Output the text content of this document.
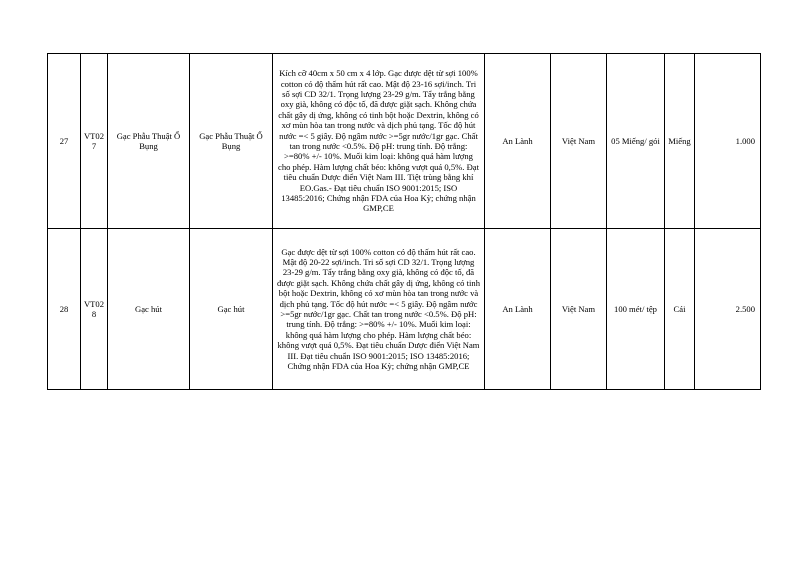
27	VT027	Gạc Phẫu Thuật Ổ Bụng	Gạc Phẫu Thuật Ổ Bụng	Kích cỡ 40cm x 50 cm x 4 lớp. Gạc được dệt từ sợi 100% cotton có độ thấm hút rất cao. Mật độ 23-16 sợi/inch. Tri số sợi CD 32/1. Trọng lượng 23-29 g/m. Tẩy trắng bằng oxy già, không có độc tố, đã được giặt sạch. Không chứa chất gây dị ứng, không có tinh bột hoặc Dextrin, không có xơ mùn hòa tan trong nước và dịch phủ tạng. Tốc độ hút nước =< 5 giây. Độ ngâm nước >=5gr nước/1gr gạc. Chất tan trong nước <0.5%. Độ pH: trung tính. Độ trắng: >=80% +/- 10%. Muối kim loại: không quá hàm lượng cho phép. Hàm lượng chất béo: không vượt quá 0,5%. Đạt tiêu chuẩn Dược điển Việt Nam III. Tiệt trùng bằng khí EO.Gas.- Đạt tiêu chuẩn ISO 9001:2015; ISO 13485:2016; Chứng nhận FDA của Hoa Kỳ; chứng nhận GMP,CE	An Lành	Việt Nam	05 Miếng/ gói	Miếng	1.000
28	VT028	Gạc hút	Gạc hút	Gạc được dệt từ sợi 100% cotton có độ thấm hút rất cao. Mật độ 20-22 sợi/inch. Tri số sợi CD 32/1. Trọng lượng 23-29 g/m. Tẩy trắng bằng oxy già, không có độc tố, đã được giặt sạch. Không chứa chất gây dị ứng, không có tinh bột hoặc Dextrin, không có xơ mùn hòa tan trong nước và dịch phủ tạng. Tốc độ hút nước =< 5 giây. Độ ngâm nước >=5gr nước/1gr gạc. Chất tan trong nước <0.5%. Độ pH: trung tính. Độ trắng: >=80% +/- 10%. Muối kim loại: không quá hàm lượng cho phép. Hàm lượng chất béo: không vượt quá 0,5%. Đạt tiêu chuẩn Dược điển Việt Nam III. Đạt tiêu chuẩn ISO 9001:2015; ISO 13485:2016; Chứng nhận FDA của Hoa Kỳ; chứng nhận GMP,CE	An Lành	Việt Nam	100 mét/ tệp	Cái	2.500
